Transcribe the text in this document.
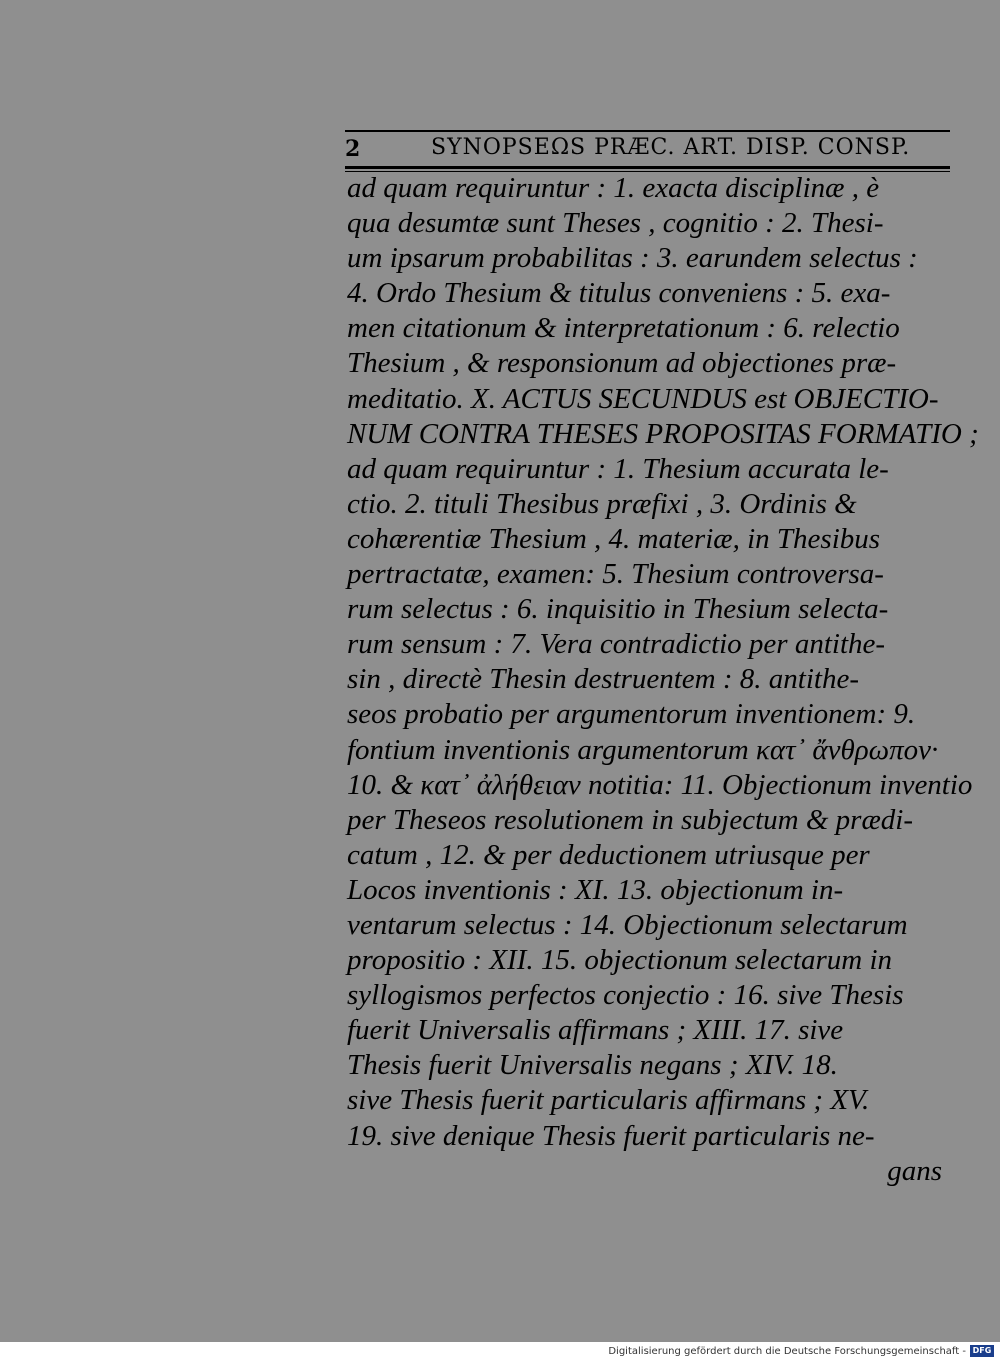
2	SYNOPSEΩS PRÆC. ART. DISP. CONSP.
ad quam requiruntur : 1. exacta disciplinæ , è
qua desumtæ sunt Theses , cognitio : 2. Thesi-
um ipsarum probabilitas : 3. earundem selectus :
4. Ordo Thesium & titulus conveniens : 5. exa-
men citationum & interpretationum : 6. relectio
Thesium , & responsionum ad objectiones præ-
meditatio. X. ACTUS SECUNDUS est OBJECTIO-
NUM CONTRA THESES PROPOSITAS FORMATIO ;
ad quam requiruntur : 1. Thesium accurata le-
ctio. 2. tituli Thesibus præfixi , 3. Ordinis &
cohærentiæ Thesium , 4. materiæ, in Thesibus
pertractatæ, examen: 5. Thesium controversa-
rum selectus : 6. inquisitio in Thesium selecta-
rum sensum : 7. Vera contradictio per antithe-
sin , directè Thesin destruentem : 8. antithe-
seos probatio per argumentorum inventionem: 9.
fontium inventionis argumentorum κατ᾽ ἄνθρωπον·
10. & κατ᾽ ἀλήθειαν notitia: 11. Objectionum inventio
per Theseos resolutionem in subjectum & prædi-
catum , 12. & per deductionem utriusque per
Locos inventionis : XI. 13. objectionum in-
ventarum selectus : 14. Objectionum selectarum
propositio : XII. 15. objectionum selectarum in
syllogismos perfectos conjectio : 16. sive Thesis
fuerit Universalis affirmans ; XIII. 17. sive
Thesis fuerit Universalis negans ; XIV. 18.
sive Thesis fuerit particularis affirmans ; XV.
19. sive denique Thesis fuerit particularis ne-
gans
Digitalisierung gefördert durch die Deutsche Forschungsgemeinschaft - DFG
